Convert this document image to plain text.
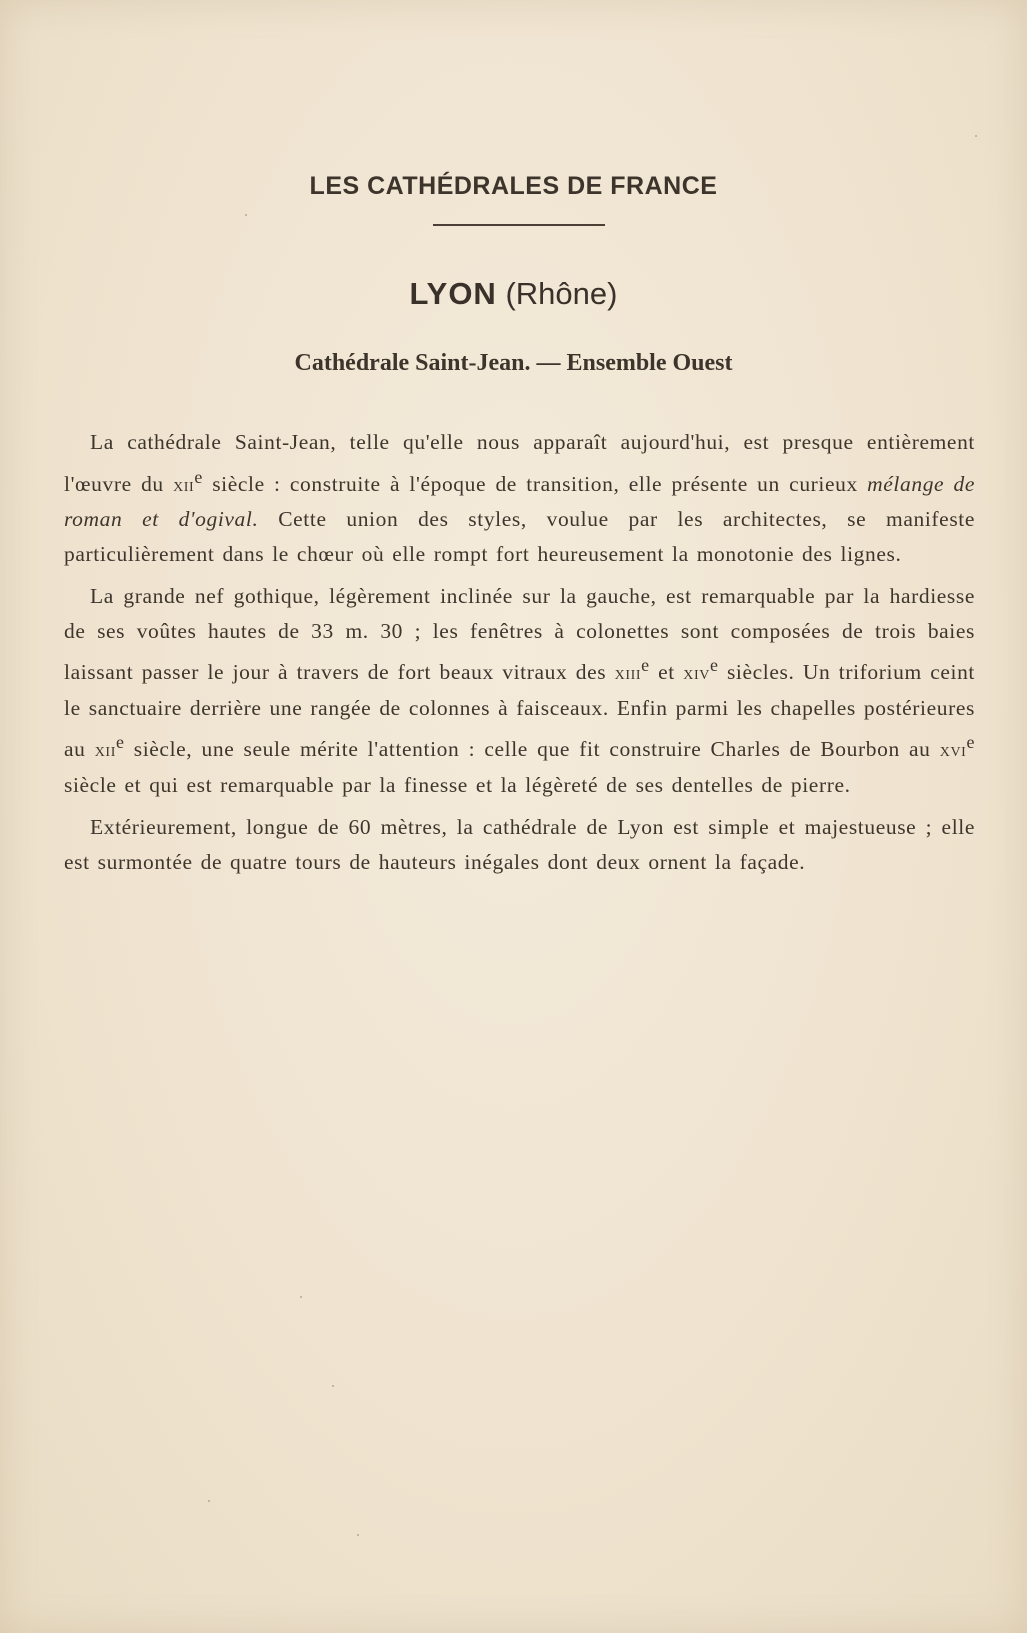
LES CATHÉDRALES DE FRANCE
LYON (Rhône)
Cathédrale Saint-Jean. — Ensemble Ouest

La cathédrale Saint-Jean, telle qu'elle nous apparaît aujourd'hui, est presque entièrement l'œuvre du xii$^e$ siècle : construite à l'époque de transition, elle présente un curieux mélange de roman et d'ogival. Cette union des styles, voulue par les architectes, se manifeste particulièrement dans le chœur où elle rompt fort heureusement la monotonie des lignes.

La grande nef gothique, légèrement inclinée sur la gauche, est remarquable par la hardiesse de ses voûtes hautes de 33 m. 30 ; les fenêtres à colonettes sont composées de trois baies laissant passer le jour à travers de fort beaux vitraux des xiii$^e$ et xiv$^e$ siècles. Un triforium ceint le sanctuaire derrière une rangée de colonnes à faisceaux. Enfin parmi les chapelles postérieures au xii$^e$ siècle, une seule mérite l'attention : celle que fit construire Charles de Bourbon au xvi$^e$ siècle et qui est remarquable par la finesse et la légèreté de ses dentelles de pierre.

Extérieurement, longue de 60 mètres, la cathédrale de Lyon est simple et majestueuse ; elle est surmontée de quatre tours de hauteurs inégales dont deux ornent la façade.
